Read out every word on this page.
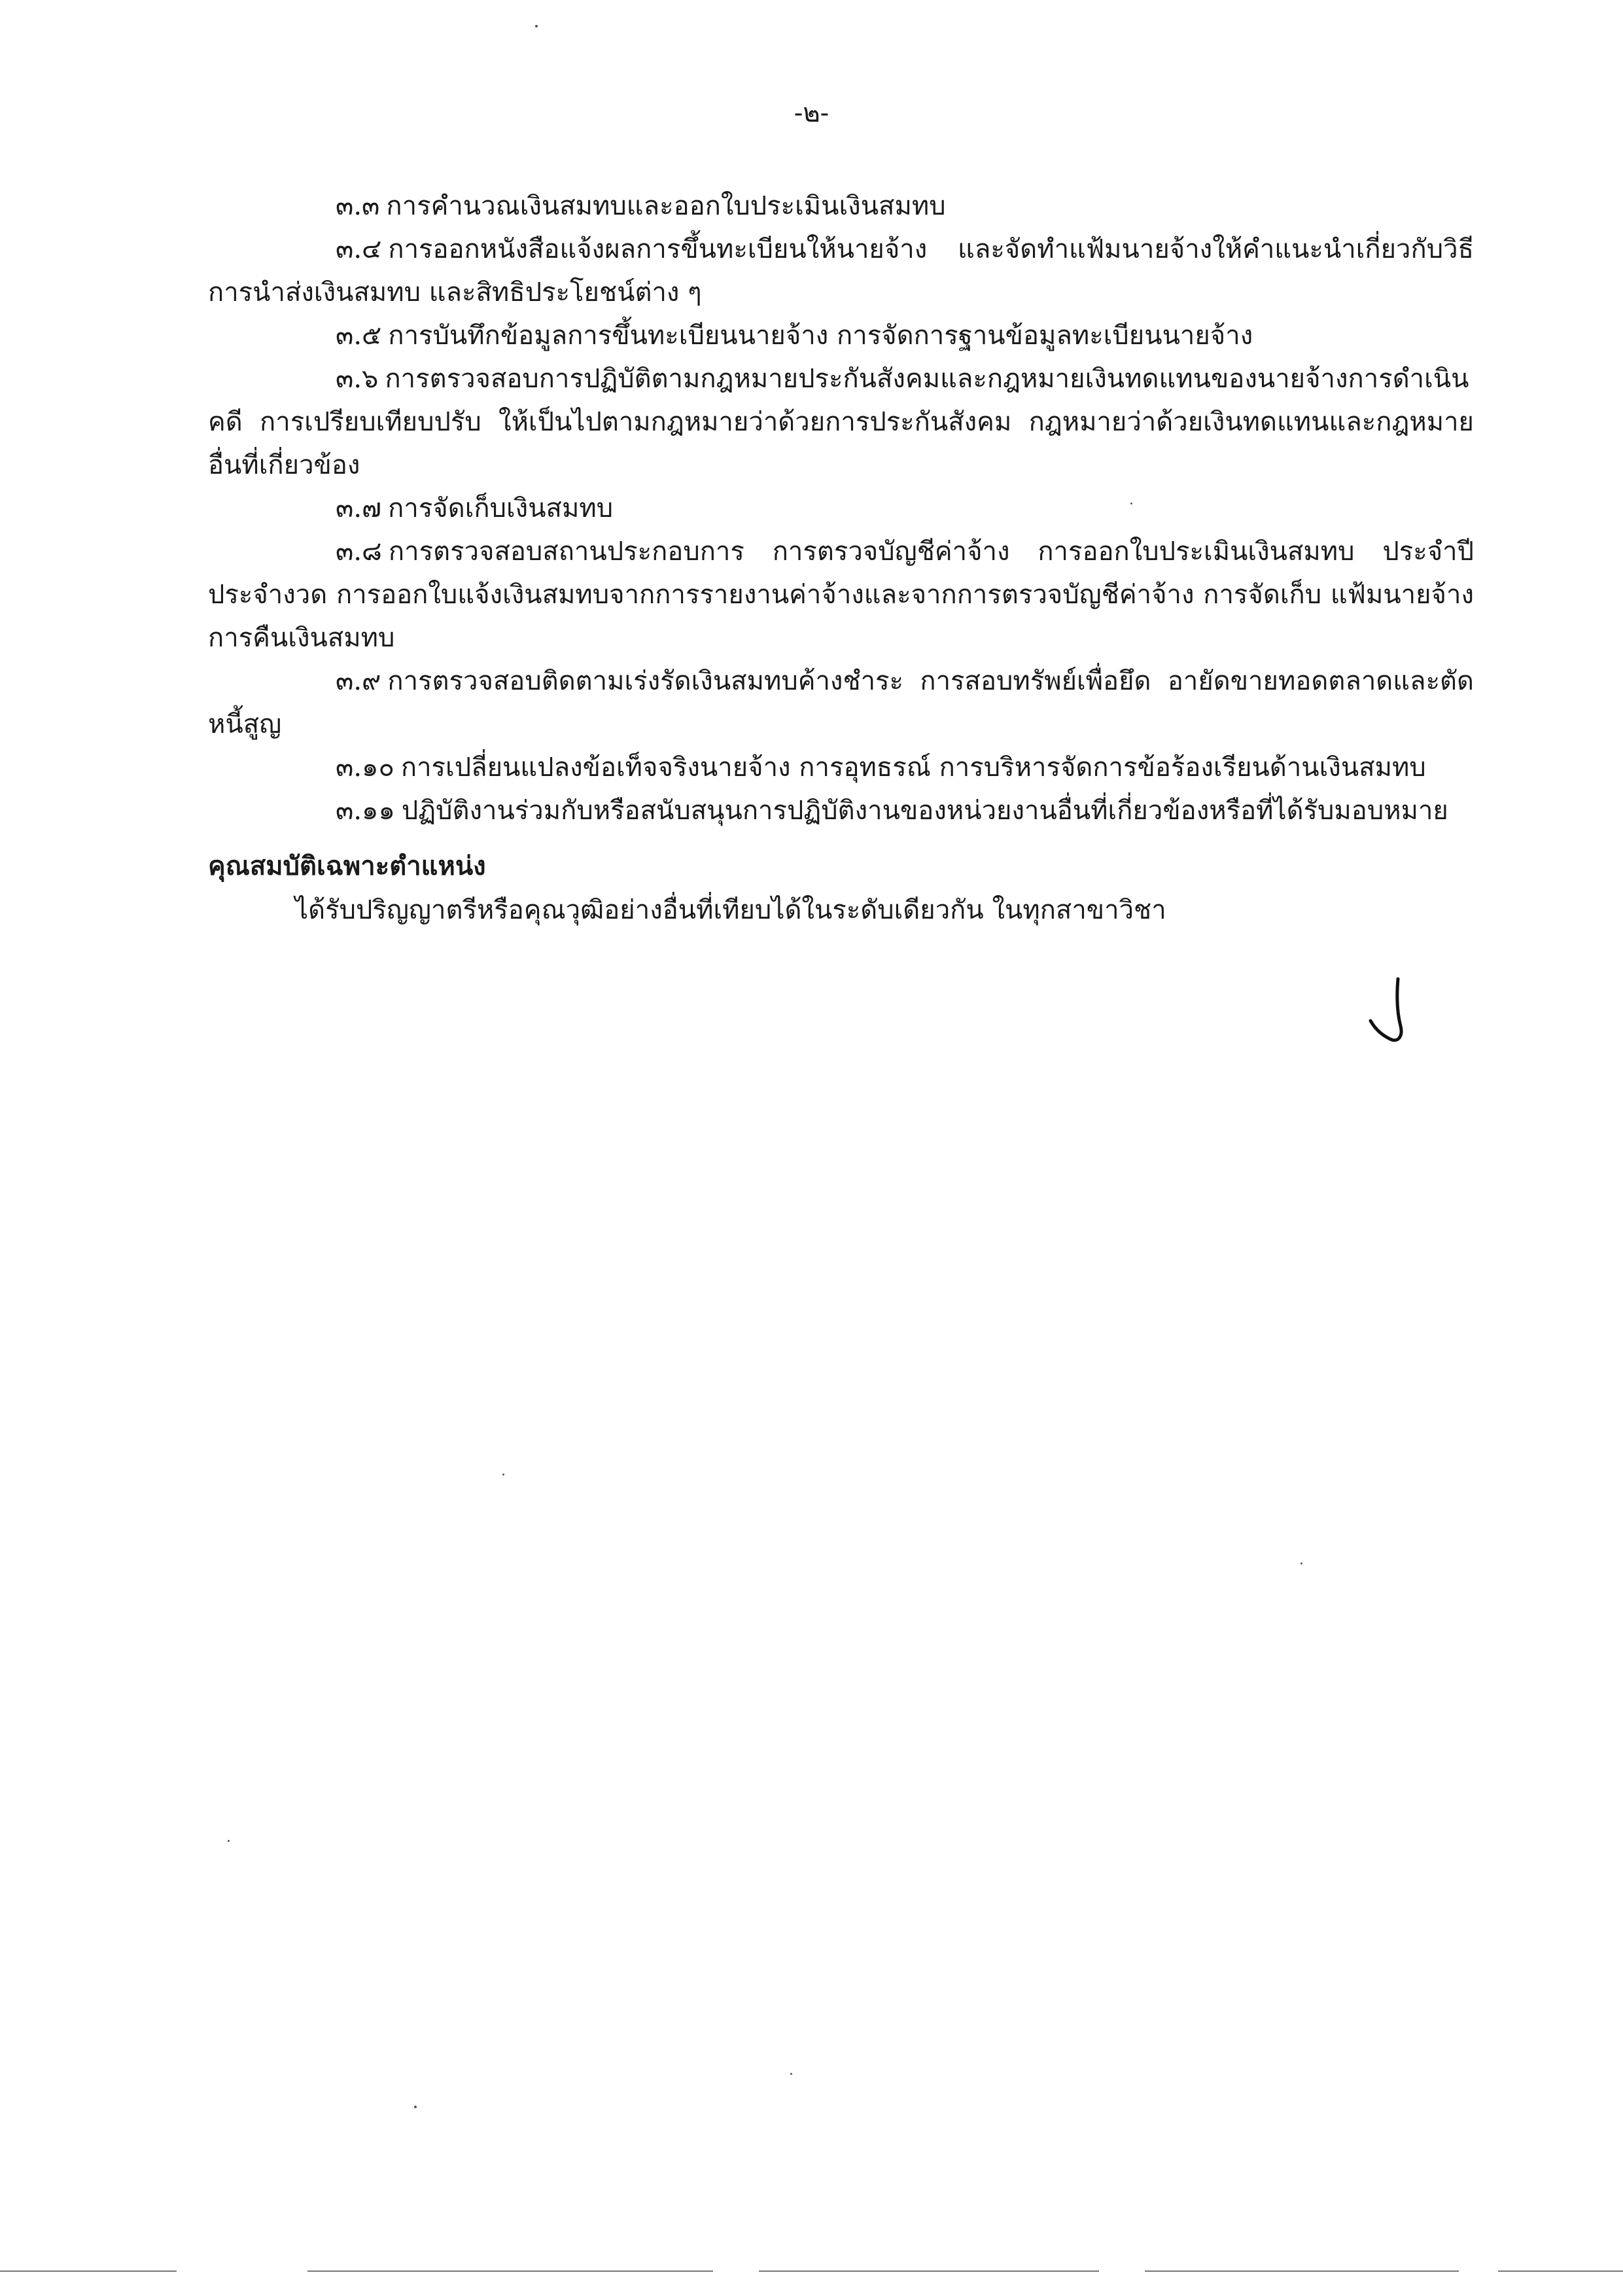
-๒-

๓.๓ การคำนวณเงินสมทบและออกใบประเมินเงินสมทบ

๓.๔ การออกหนังสือแจ้งผลการขึ้นทะเบียนให้นายจ้าง และจัดทำแฟ้มนายจ้างให้คำแนะนำเกี่ยวกับวิธีการนำส่งเงินสมทบ และสิทธิประโยชน์ต่าง ๆ

๓.๕ การบันทึกข้อมูลการขึ้นทะเบียนนายจ้าง การจัดการฐานข้อมูลทะเบียนนายจ้าง

๓.๖ การตรวจสอบการปฏิบัติตามกฎหมายประกันสังคมและกฎหมายเงินทดแทนของนายจ้างการดำเนินคดี การเปรียบเทียบปรับ ให้เป็นไปตามกฎหมายว่าด้วยการประกันสังคม กฎหมายว่าด้วยเงินทดแทนและกฎหมายอื่นที่เกี่ยวข้อง

๓.๗ การจัดเก็บเงินสมทบ

๓.๘ การตรวจสอบสถานประกอบการ การตรวจบัญชีค่าจ้าง การออกใบประเมินเงินสมทบ ประจำปี ประจำงวด การออกใบแจ้งเงินสมทบจากการรายงานค่าจ้างและจากการตรวจบัญชีค่าจ้าง การจัดเก็บ แฟ้มนายจ้าง การคืนเงินสมทบ

๓.๙ การตรวจสอบติดตามเร่งรัดเงินสมทบค้างชำระ การสอบทรัพย์เพื่อยึด อายัดขายทอดตลาดและตัดหนี้สูญ

๓.๑๐ การเปลี่ยนแปลงข้อเท็จจริงนายจ้าง การอุทธรณ์ การบริหารจัดการข้อร้องเรียนด้านเงินสมทบ

๓.๑๑ ปฏิบัติงานร่วมกับหรือสนับสนุนการปฏิบัติงานของหน่วยงานอื่นที่เกี่ยวข้องหรือที่ได้รับมอบหมาย

คุณสมบัติเฉพาะตำแหน่ง

ได้รับปริญญาตรีหรือคุณวุฒิอย่างอื่นที่เทียบได้ในระดับเดียวกัน ในทุกสาขาวิชา
